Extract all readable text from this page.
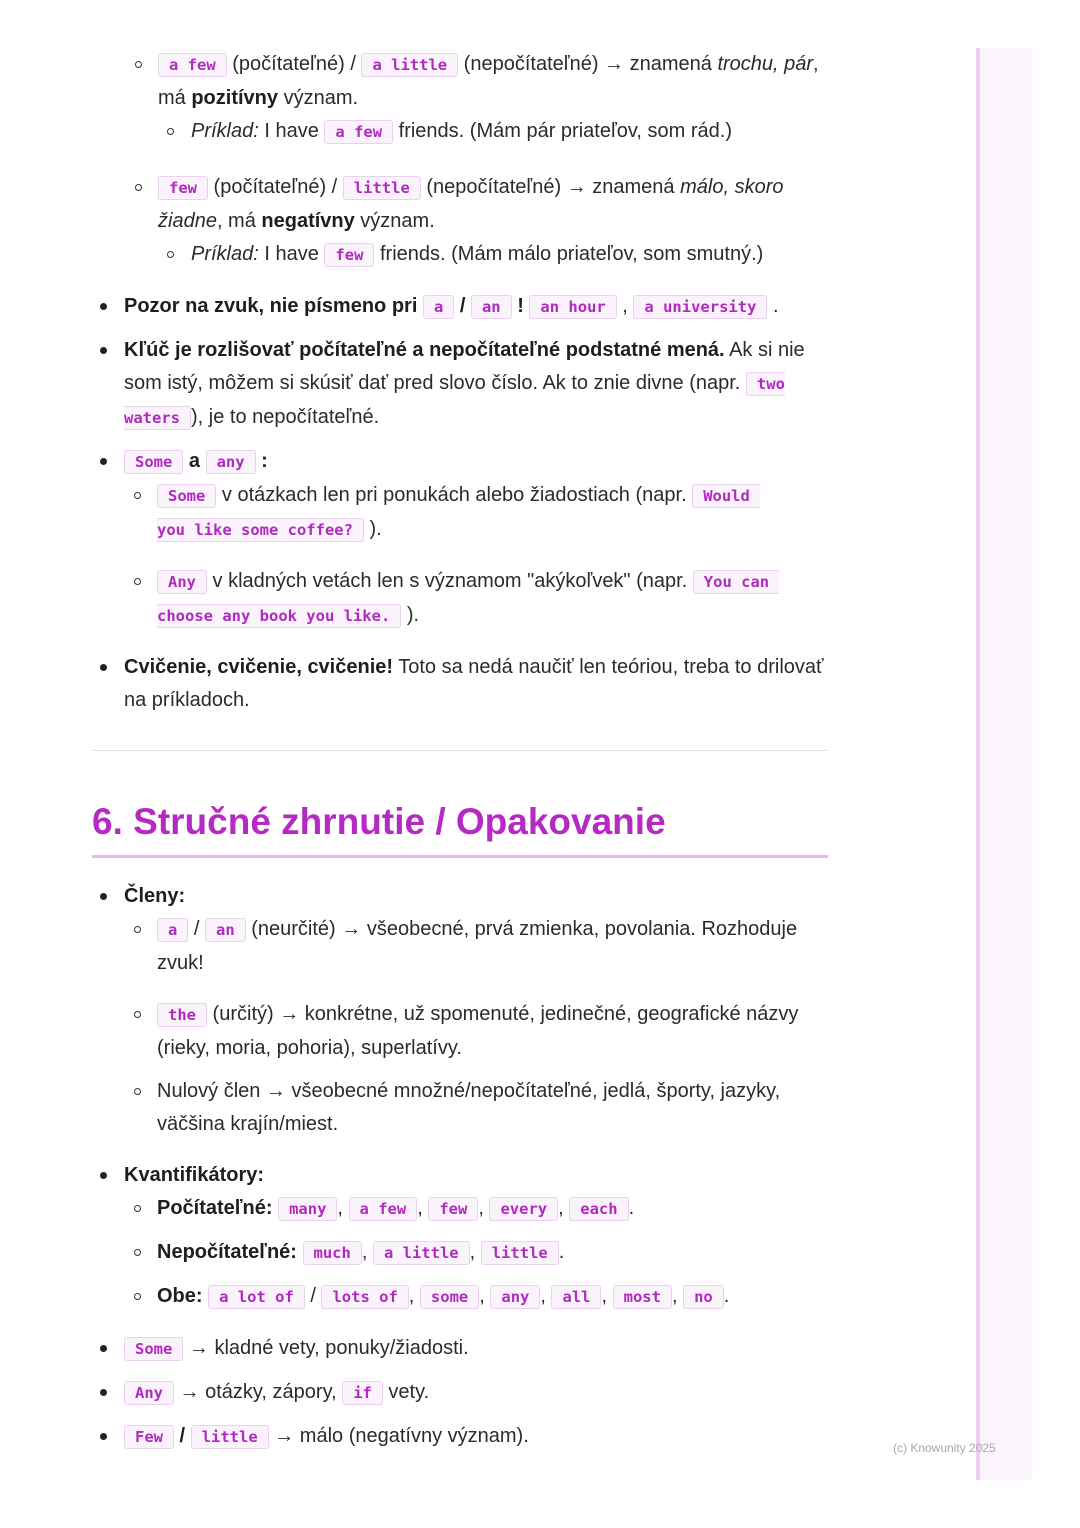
(c) Knowunity 2025
a few (počítateľné) / a little (nepočítateľné) → znamená trochu, pár, má pozitívny význam.
Príklad: I have a few friends. (Mám pár priateľov, som rád.)
few (počítateľné) / little (nepočítateľné) → znamená málo, skoro žiadne, má negatívny význam.
Príklad: I have few friends. (Mám málo priateľov, som smutný.)
Pozor na zvuk, nie písmeno pri a / an ! an hour , a university .
Kľúč je rozlišovať počítateľné a nepočítateľné podstatné mená. Ak si nie som istý, môžem si skúsiť dať pred slovo číslo. Ak to znie divne (napr. two waters ), je to nepočítateľné.
Some a any :
Some v otázkach len pri ponukách alebo žiadostiach (napr. Would
you like some coffee? ).
Any v kladných vetách len s významom "akýkoľvek" (napr. You can
choose any book you like. ).
Cvičenie, cvičenie, cvičenie! Toto sa nedá naučiť len teóriou, treba to drilovať na príkladoch.
6. Stručné zhrnutie / Opakovanie
Členy:
a / an (neurčité) → všeobecné, prvá zmienka, povolania. Rozhoduje zvuk!
the (určitý) → konkrétne, už spomenuté, jedinečné, geografické názvy (rieky, moria, pohoria), superlatívy.
Nulový člen → všeobecné množné/nepočítateľné, jedlá, športy, jazyky, väčšina krajín/miest.
Kvantifikátory:
Počítateľné: many , a few , few , every , each .
Nepočítateľné: much , a little , little .
Obe: a lot of / lots of , some , any , all , most , no .
Some → kladné vety, ponuky/žiadosti.
Any → otázky, zápory, if vety.
Few / little → málo (negatívny význam).
